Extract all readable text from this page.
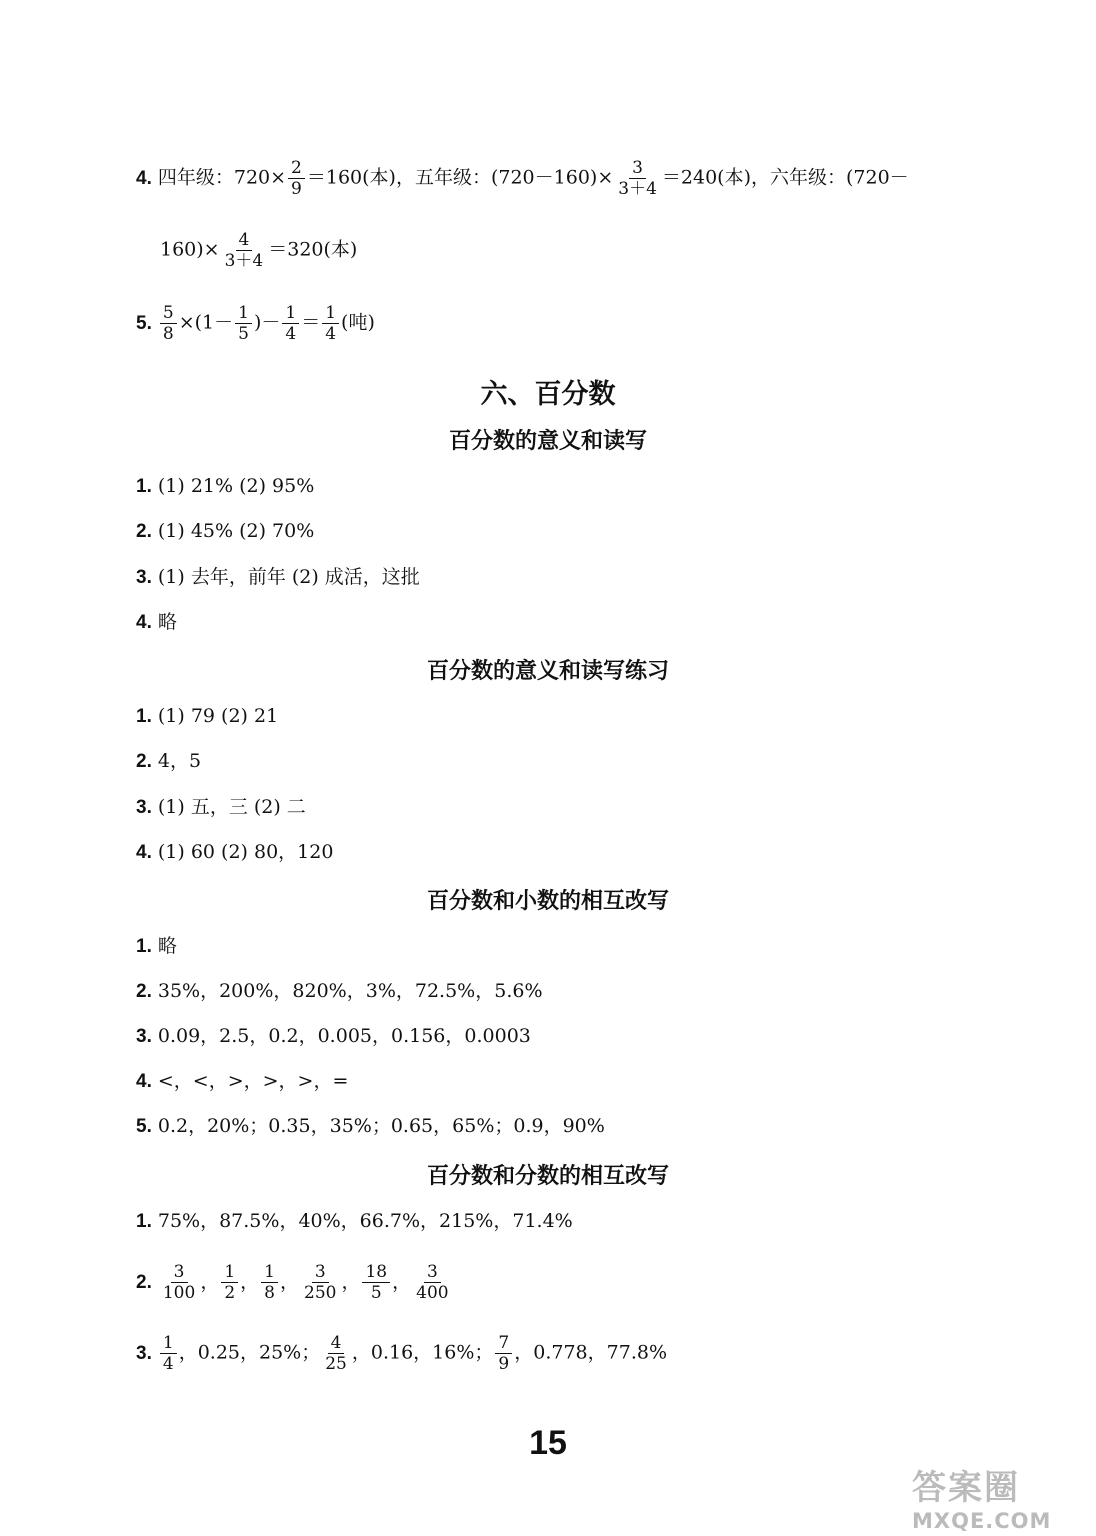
4. 四年级：$720\times \frac{2}{9} =160$(本)，五年级：$(720-160)\times \frac{3}{3+4} =240$(本)，六年级：(720－
$160)\times \frac{4}{3+4} =320$(本)
5. $\frac{5}{8} \times(1- \frac{1}{5}$ )－ $\frac{1}{4} = \frac{1}{4}$ (吨)
六、百分数
百分数的意义和读写
1. (1) 21% (2) 95%
2. (1) 45% (2) 70%
3. (1) 去年，前年 (2) 成活，这批
4. 略
百分数的意义和读写练习
1. (1) 79 (2) 21
2. 4，5
3. (1) 五，三 (2) 二
4. (1) 60 (2) 80，120
百分数和小数的相互改写
1. 略
2. 35%，200%，820%，3%，72.5%，5.6%
3. 0.09，2.5，0.2，0.005，0.156，0.0003
4. <，<，>，>，>，=
5. 0.2，20%；0.35，35%；0.65，65%；0.9，90%
百分数和分数的相互改写
1. 75%，87.5%，40%，66.7%，215%，71.4%
2. $\frac{3}{100}$ ， $\frac{1}{2}$ ， $\frac{1}{8}$ ， $\frac{3}{250}$ ， $\frac{18}{5}$ ， $\frac{3}{400}$
3. $\frac{1}{4}$ ，0.25，25%； $\frac{4}{25}$ ，0.16，16%； $\frac{7}{9}$ ，0.778，77.8%
15
答案圈
MXQE.COM
